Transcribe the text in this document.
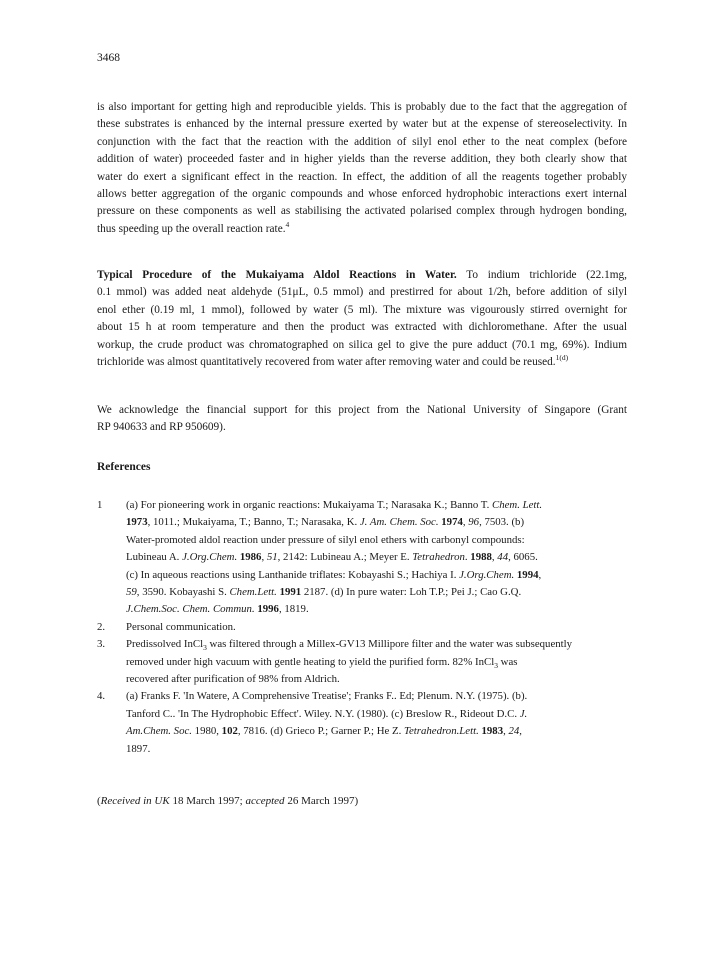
3468
is also important for getting high and reproducible yields. This is probably due to the fact that the aggregation of
these substrates is enhanced by the internal pressure exerted by water but at the expense of stereoselectivity. In
conjunction with the fact that the reaction with the addition of silyl enol ether to the neat complex (before
addition of water) proceeded faster and in higher yields than the reverse addition, they both clearly show that
water do exert a significant effect in the reaction. In effect, the addition of all the reagents together probably
allows better aggregation of the organic compounds and whose enforced hydrophobic interactions exert internal
pressure on these components as well as stabilising the activated polarised complex through hydrogen bonding,
thus speeding up the overall reaction rate.$^4$
Typical Procedure of the Mukaiyama Aldol Reactions in Water. To indium trichloride (22.1mg,
0.1 mmol) was added neat aldehyde (51μL, 0.5 mmol) and prestirred for about 1/2h, before addition of silyl
enol ether (0.19 ml, 1 mmol), followed by water (5 ml). The mixture was vigourously stirred overnight for
about 15 h at room temperature and then the product was extracted with dichloromethane. After the usual
workup, the crude product was chromatographed on silica gel to give the pure adduct (70.1 mg, 69%). Indium
trichloride was almost quantitatively recovered from water after removing water and could be reused.$^{1(d)}$
We acknowledge the financial support for this project from the National University of Singapore (Grant
RP 940633 and RP 950609).
References
1 (a) For pioneering work in organic reactions: Mukaiyama T.; Narasaka K.; Banno T. Chem. Lett.
1973, 1011.; Mukaiyama, T.; Banno, T.; Narasaka, K. J. Am. Chem. Soc. 1974, 96, 7503. (b)
Water-promoted aldol reaction under pressure of silyl enol ethers with carbonyl compounds:
Lubineau A. J.Org.Chem. 1986, 51, 2142: Lubineau A.; Meyer E. Tetrahedron. 1988, 44, 6065.
(c) In aqueous reactions using Lanthanide triflates: Kobayashi S.; Hachiya I. J.Org.Chem. 1994,
59, 3590. Kobayashi S. Chem.Lett. 1991 2187. (d) In pure water: Loh T.P.; Pei J.; Cao G.Q.
J.Chem.Soc. Chem. Commun. 1996, 1819.
2. Personal communication.
3. Predissolved InCl$_3$ was filtered through a Millex-GV13 Millipore filter and the water was subsequently
removed under high vacuum with gentle heating to yield the purified form. 82% InCl$_3$ was
recovered after purification of 98% from Aldrich.
4. (a) Franks F. 'In Watere, A Comprehensive Treatise'; Franks F.. Ed; Plenum. N.Y. (1975). (b).
Tanford C.. 'In The Hydrophobic Effect'. Wiley. N.Y. (1980). (c) Breslow R., Rideout D.C. J.
Am.Chem. Soc. 1980, 102, 7816. (d) Grieco P.; Garner P.; He Z. Tetrahedron.Lett. 1983, 24,
1897.
(Received in UK 18 March 1997; accepted 26 March 1997)
